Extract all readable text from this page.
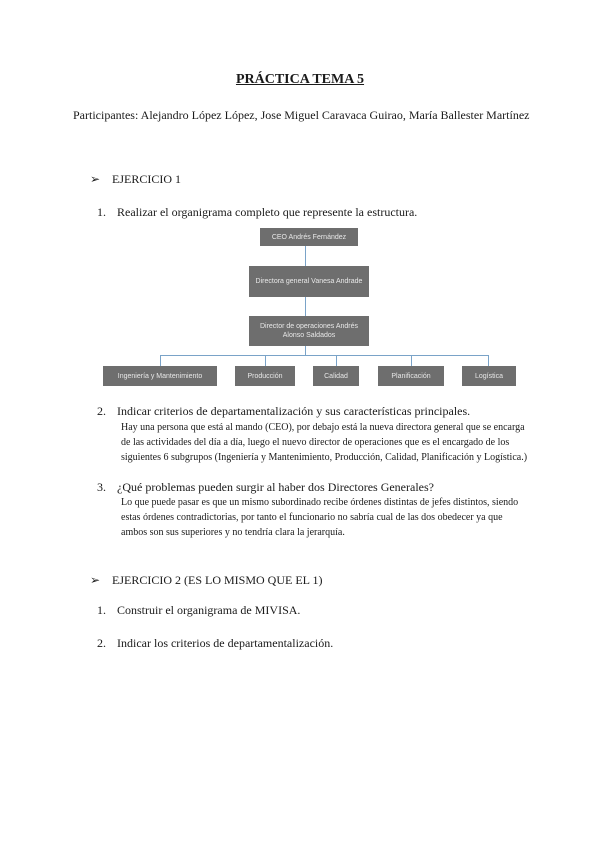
PRÁCTICA TEMA 5
Participantes: Alejandro López López, Jose Miguel Caravaca Guirao, María Ballester Martínez
➢ EJERCICIO 1
1. Realizar el organigrama completo que represente la estructura.
CEO Andrés Fernández
Directora general Vanesa Andrade
Director de operaciones Andrés Alonso Saldados
Ingeniería y Mantenimiento	Producción	Calidad	Planificación	Logística
2. Indicar criterios de departamentalización y sus características principales.
Hay una persona que está al mando (CEO), por debajo está la nueva directora general que se encarga de las actividades del día a día, luego el nuevo director de operaciones que es el encargado de los siguientes 6 subgrupos (Ingeniería y Mantenimiento, Producción, Calidad, Planificación y Logística.)
3. ¿Qué problemas pueden surgir al haber dos Directores Generales?
Lo que puede pasar es que un mismo subordinado recibe órdenes distintas de jefes distintos, siendo estas órdenes contradictorias, por tanto el funcionario no sabría cual de las dos obedecer ya que ambos son sus superiores y no tendría clara la jerarquía.
➢ EJERCICIO 2 (ES LO MISMO QUE EL 1)
1. Construir el organigrama de MIVISA.
2. Indicar los criterios de departamentalización.
